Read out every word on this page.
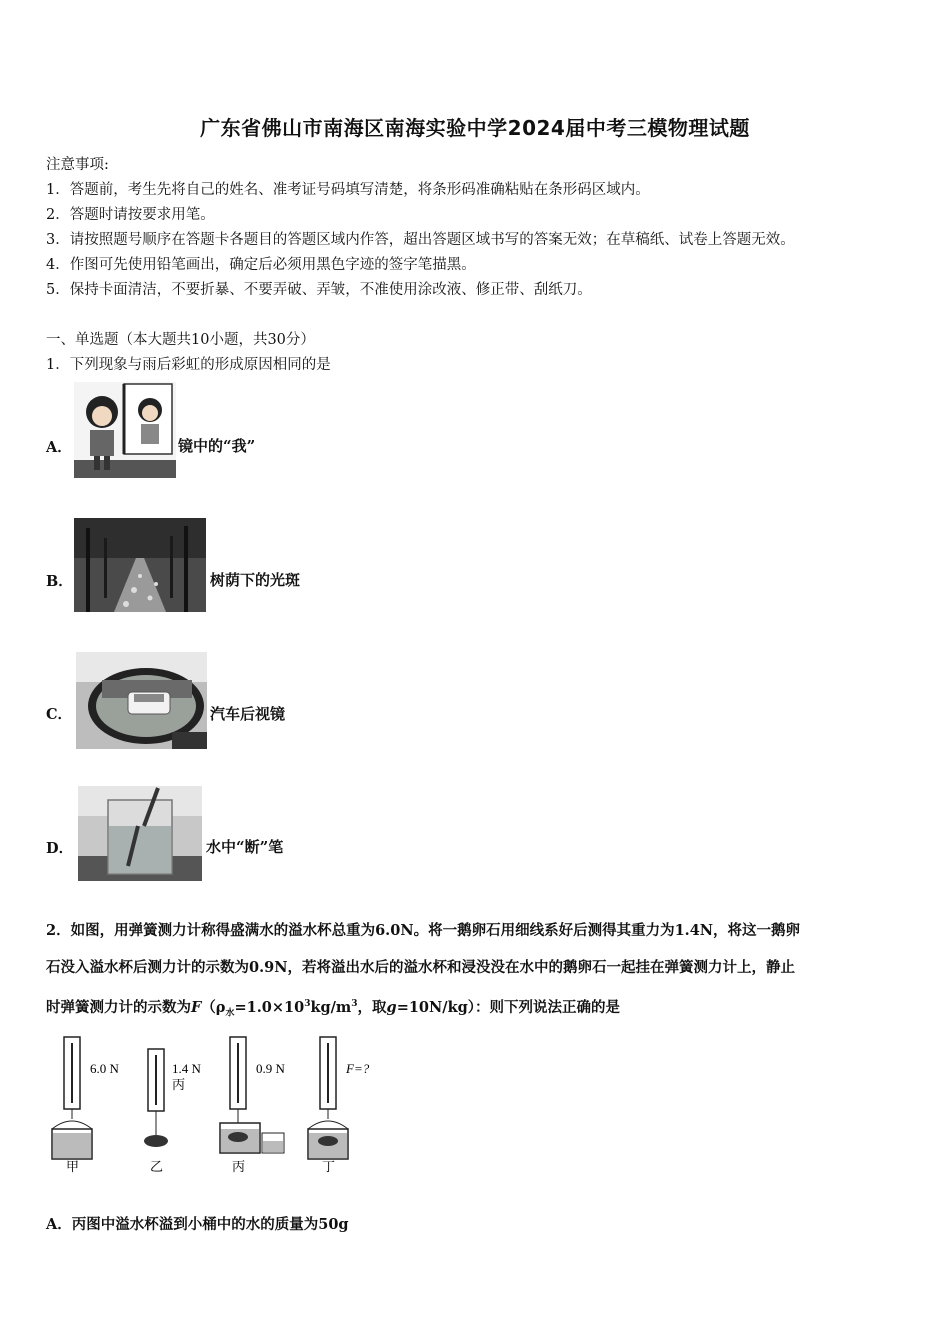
广东省佛山市南海区南海实验中学2024届中考三模物理试题
注意事项:
1．答题前，考生先将自己的姓名、准考证号码填写清楚，将条形码准确粘贴在条形码区域内。
2．答题时请按要求用笔。
3．请按照题号顺序在答题卡各题目的答题区域内作答，超出答题区域书写的答案无效；在草稿纸、试卷上答题无效。
4．作图可先使用铅笔画出，确定后必须用黑色字迹的签字笔描黑。
5．保持卡面清洁，不要折暴、不要弄破、弄皱，不准使用涂改液、修正带、刮纸刀。
一、单选题（本大题共10小题，共30分）
1．下列现象与雨后彩虹的形成原因相同的是
A．	镜中的“我”
B．	树荫下的光斑
C．	汽车后视镜
D．	水中“断”笔
2．如图，用弹簧测力计称得盛满水的溢水杯总重为6.0N。将一鹅卵石用细线系好后测得其重力为1.4N，将这一鹅卵
石没入溢水杯后测力计的示数为0.9N，若将溢出水后的溢水杯和浸没没在水中的鹅卵石一起挂在弹簧测力计上，静止
时弹簧测力计的示数为$F(\rho_水=1.0\times 10^3kg/m^3$，取g=10N/kg）：则下列说法正确的是
6.0 N
甲
1.4 N
丙
乙
0.9 N
丙
F=?
丁
A．丙图中溢水杯溢到小桶中的水的质量为50g
